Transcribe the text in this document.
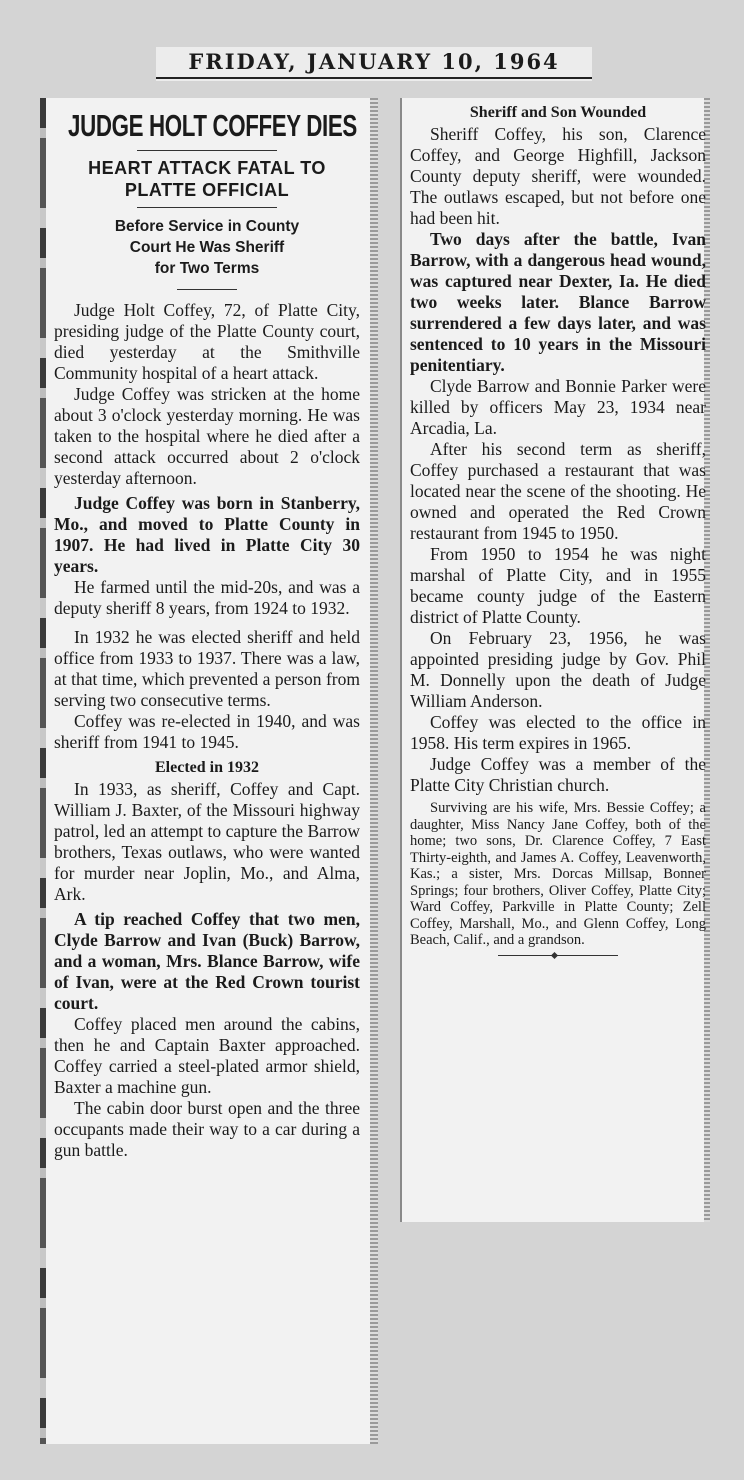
FRIDAY, JANUARY 10, 1964
JUDGE HOLT COFFEY DIES
HEART ATTACK FATAL TO
PLATTE OFFICIAL
Before Service in County
Court He Was Sheriff
for Two Terms

Judge Holt Coffey, 72, of Platte City, presiding judge of the Platte County court, died yesterday at the Smithville Community hospital of a heart attack.

Judge Coffey was stricken at the home about 3 o'clock yesterday morning. He was taken to the hospital where he died after a second attack occurred about 2 o'clock yesterday afternoon.

Judge Coffey was born in Stanberry, Mo., and moved to Platte County in 1907. He had lived in Platte City 30 years.

He farmed until the mid-20s, and was a deputy sheriff 8 years, from 1924 to 1932.

In 1932 he was elected sheriff and held office from 1933 to 1937. There was a law, at that time, which prevented a person from serving two consecutive terms.

Coffey was re-elected in 1940, and was sheriff from 1941 to 1945.

Elected in 1932

In 1933, as sheriff, Coffey and Capt. William J. Baxter, of the Missouri highway patrol, led an attempt to capture the Barrow brothers, Texas outlaws, who were wanted for murder near Joplin, Mo., and Alma, Ark.

A tip reached Coffey that two men, Clyde Barrow and Ivan (Buck) Barrow, and a woman, Mrs. Blance Barrow, wife of Ivan, were at the Red Crown tourist court.

Coffey placed men around the cabins, then he and Captain Baxter approached. Coffey carried a steel-plated armor shield, Baxter a machine gun.

The cabin door burst open and the three occupants made their way to a car during a gun battle.

Sheriff and Son Wounded

Sheriff Coffey, his son, Clarence Coffey, and George Highfill, Jackson County deputy sheriff, were wounded. The outlaws escaped, but not before one had been hit.

Two days after the battle, Ivan Barrow, with a dangerous head wound, was captured near Dexter, Ia. He died two weeks later. Blance Barrow surrendered a few days later, and was sentenced to 10 years in the Missouri penitentiary.

Clyde Barrow and Bonnie Parker were killed by officers May 23, 1934 near Arcadia, La.

After his second term as sheriff, Coffey purchased a restaurant that was located near the scene of the shooting. He owned and operated the Red Crown restaurant from 1945 to 1950.

From 1950 to 1954 he was night marshal of Platte City, and in 1955 became county judge of the Eastern district of Platte County.

On February 23, 1956, he was appointed presiding judge by Gov. Phil M. Donnelly upon the death of Judge William Anderson.

Coffey was elected to the office in 1958. His term expires in 1965.

Judge Coffey was a member of the Platte City Christian church.

Surviving are his wife, Mrs. Bessie Coffey; a daughter, Miss Nancy Jane Coffey, both of the home; two sons, Dr. Clarence Coffey, 7 East Thirty-eighth, and James A. Coffey, Leavenworth, Kas.; a sister, Mrs. Dorcas Millsap, Bonner Springs; four brothers, Oliver Coffey, Platte City; Ward Coffey, Parkville in Platte County; Zell Coffey, Marshall, Mo., and Glenn Coffey, Long Beach, Calif., and a grandson.
